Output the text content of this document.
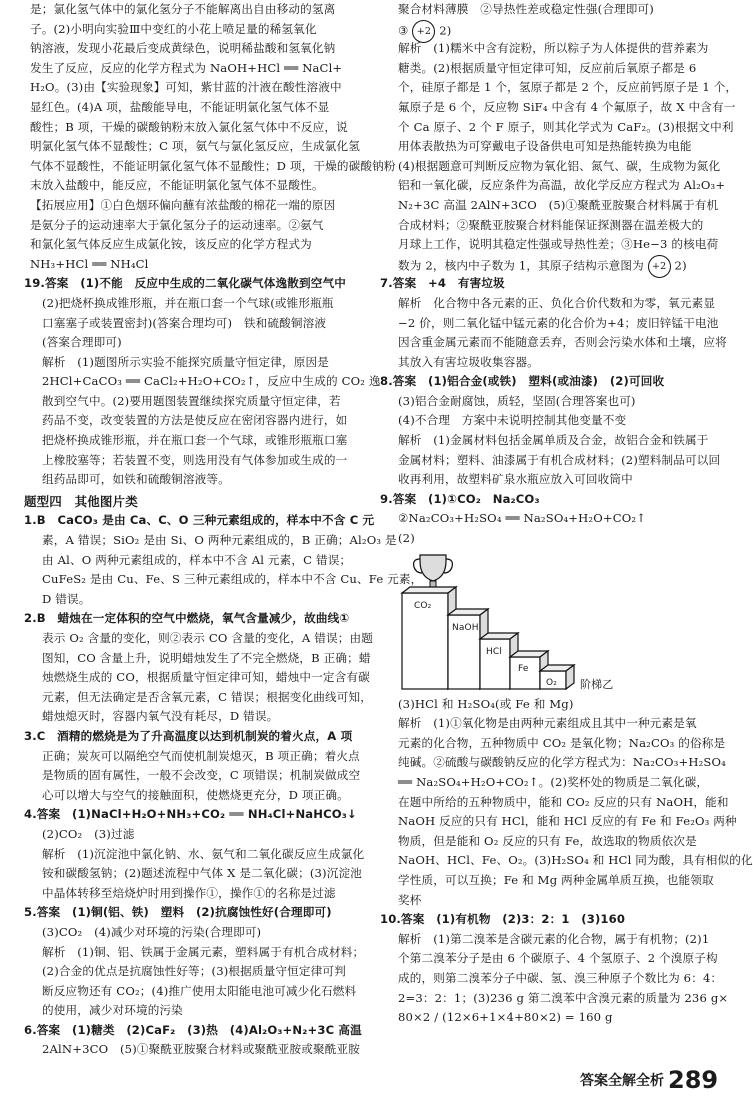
是；氯化氢气体中的氯化氢分子不能解离出自由移动的氢离
子。(2)小明向实验Ⅲ中变红的小花上喷足量的稀氢氧化
钠溶液，发现小花最后变成黄绿色，说明稀盐酸和氢氧化钠
发生了反应，反应的化学方程式为 NaOH+HCl ══ NaCl+
H₂O。(3)由【实验现象】可知，紫甘蓝的汁液在酸性溶液中
显红色。(4)A 项，盐酸能导电，不能证明氯化氢气体不显
酸性；B 项，干燥的碳酸钠粉末放入氯化氢气体中不反应，说
明氯化氢气体不显酸性；C 项，氨气与氯化氢反应，生成氯化氢
气体不显酸性，不能证明氯化氢气体不显酸性；D 项，干燥的碳酸钠粉
末放入盐酸中，能反应，不能证明氯化氢气体不显酸性。
【拓展应用】①白色烟环偏向蘸有浓盐酸的棉花一端的原因
是氨分子的运动速率大于氯化氢分子的运动速率。②氨气
和氯化氢气体反应生成氯化铵，该反应的化学方程式为
NH₃+HCl ══ NH₄Cl
19.答案　(1)不能　反应中生成的二氧化碳气体逸散到空气中
(2)把烧杯换成锥形瓶，并在瓶口套一个气球(或锥形瓶瓶
口塞塞子或装置密封)(答案合理均可)　铁和硫酸铜溶液
(答案合理即可)
解析　(1)题图所示实验不能探究质量守恒定律，原因是
2HCl+CaCO₃ ══ CaCl₂+H₂O+CO₂↑，反应中生成的 CO₂ 逸
散到空气中。(2)要用题图装置继续探究质量守恒定律，若
药品不变，改变装置的方法是使反应在密闭容器内进行，如
把烧杯换成锥形瓶，并在瓶口套一个气球，或锥形瓶瓶口塞
上橡胶塞等；若装置不变，则选用没有气体参加或生成的一
组药品即可，如铁和硫酸铜溶液等。
题型四　其他图片类
1.B　CaCO₃ 是由 Ca、C、O 三种元素组成的，样本中不含 C 元
素，A 错误；SiO₂ 是由 Si、O 两种元素组成的，B 正确；Al₂O₃ 是
由 Al、O 两种元素组成的，样本中不含 Al 元素，C 错误；
CuFeS₂ 是由 Cu、Fe、S 三种元素组成的，样本中不含 Cu、Fe 元素，
D 错误。
2.B　蜡烛在一定体积的空气中燃烧，氧气含量减少，故曲线①
表示 O₂ 含量的变化，则②表示 CO 含量的变化，A 错误；由题
图知，CO 含量上升，说明蜡烛发生了不完全燃烧，B 正确；蜡
烛燃烧生成的 CO，根据质量守恒定律可知，蜡烛中一定含有碳
元素，但无法确定是否含氧元素，C 错误；根据变化曲线可知，
蜡烛熄灭时，容器内氧气没有耗尽，D 错误。
3.C　酒精的燃烧是为了升高温度以达到机制炭的着火点，A 项
正确；炭灰可以隔绝空气而使机制炭熄灭，B 项正确；着火点
是物质的固有属性，一般不会改变，C 项错误；机制炭做成空
心可以增大与空气的接触面积，使燃烧更充分，D 项正确。
4.答案　(1)NaCl+H₂O+NH₃+CO₂ ══ NH₄Cl+NaHCO₃↓
(2)CO₂　(3)过滤
解析　(1)沉淀池中氯化钠、水、氨气和二氧化碳反应生成氯化
铵和碳酸氢钠；(2)题述流程中气体 X 是二氧化碳；(3)沉淀池
中晶体转移至焙烧炉时用到操作①，操作①的名称是过滤
5.答案　(1)铜(铝、铁)　塑料　(2)抗腐蚀性好(合理即可)
(3)CO₂　(4)减少对环境的污染(合理即可)
解析　(1)铜、铝、铁属于金属元素，塑料属于有机合成材料；
(2)合金的优点是抗腐蚀性好等；(3)根据质量守恒定律可判
断反应物还有 CO₂；(4)推广使用太阳能电池可减少化石燃料
的使用，减少对环境的污染
6.答案　(1)糖类　(2)CaF₂　(3)热　(4)Al₂O₃+N₂+3C 高温
2AlN+3CO　(5)①聚酰亚胺聚合材料或聚酰亚胺或聚酰亚胺
聚合材料薄膜　②导热性差或稳定性强(合理即可)
③ +2 2)
解析　(1)糯米中含有淀粉，所以粽子为人体提供的营养素为
糖类。(2)根据质量守恒定律可知，反应前后氧原子都是 6
个，硅原子都是 1 个，氢原子都是 2 个，反应前钙原子是 1 个，
氟原子是 6 个，反应物 SiF₄ 中含有 4 个氟原子，故 X 中含有一
个 Ca 原子、2 个 F 原子，则其化学式为 CaF₂。(3)根据文中利
用体表散热为可穿戴电子设备供电可知是热能转换为电能
(4)根据题意可判断反应物为氧化铝、氮气、碳，生成物为氮化
铝和一氧化碳，反应条件为高温，故化学反应方程式为 Al₂O₃+
N₂+3C 高温 2AlN+3CO　(5)①聚酰亚胺聚合材料属于有机
合成材料；②聚酰亚胺聚合材料能保证探测器在温差极大的
月球上工作，说明其稳定性强或导热性差；③He−3 的核电荷
数为 2，核内中子数为 1，其原子结构示意图为 +2 2)
7.答案　+4　有害垃圾
解析　化合物中各元素的正、负化合价代数和为零，氧元素显
−2 价，则二氧化锰中锰元素的化合价为+4；废旧锌锰干电池
因含重金属元素而不能随意丢弃，否则会污染水体和土壤，应将
其放入有害垃圾收集容器。
8.答案　(1)铝合金(或铁)　塑料(或油漆)　(2)可回收
(3)铝合金耐腐蚀，质轻，坚固(合理答案也可)
(4)不合理　方案中未说明控制其他变量不变
解析　(1)金属材料包括金属单质及合金，故铝合金和铁属于
金属材料；塑料、油漆属于有机合成材料；(2)塑料制品可以回
收再利用，故塑料矿泉水瓶应放入可回收筒中
9.答案　(1)①CO₂　Na₂CO₃
②Na₂CO₃+H₂SO₄ ══ Na₂SO₄+H₂O+CO₂↑
(2)
CO₂
NaOH
HCl
Fe
O₂ 阶梯乙
(3)HCl 和 H₂SO₄(或 Fe 和 Mg)
解析　(1)①氧化物是由两种元素组成且其中一种元素是氧
元素的化合物，五种物质中 CO₂ 是氧化物；Na₂CO₃ 的俗称是
纯碱。②硫酸与碳酸钠反应的化学方程式为：Na₂CO₃+H₂SO₄
══ Na₂SO₄+H₂O+CO₂↑。(2)奖杯处的物质是二氧化碳，
在题中所给的五种物质中，能和 CO₂ 反应的只有 NaOH，能和
NaOH 反应的只有 HCl，能和 HCl 反应的有 Fe 和 Fe₂O₃ 两种
物质，但是能和 O₂ 反应的只有 Fe，故选取的物质依次是
NaOH、HCl、Fe、O₂。(3)H₂SO₄ 和 HCl 同为酸，具有相似的化
学性质，可以互换；Fe 和 Mg 两种金属单质互换，也能领取
奖杯
10.答案　(1)有机物　(2)3：2：1　(3)160
解析　(1)第二溴苯是含碳元素的化合物，属于有机物；(2)1
个第二溴苯分子是由 6 个碳原子、4 个氢原子、2 个溴原子构
成的，则第二溴苯分子中碳、氢、溴三种原子个数比为 6：4：
2=3：2：1；(3)236 g 第二溴苯中含溴元素的质量为 236 g×
80×2 / (12×6+1×4+80×2) = 160 g
答案全解全析 289
